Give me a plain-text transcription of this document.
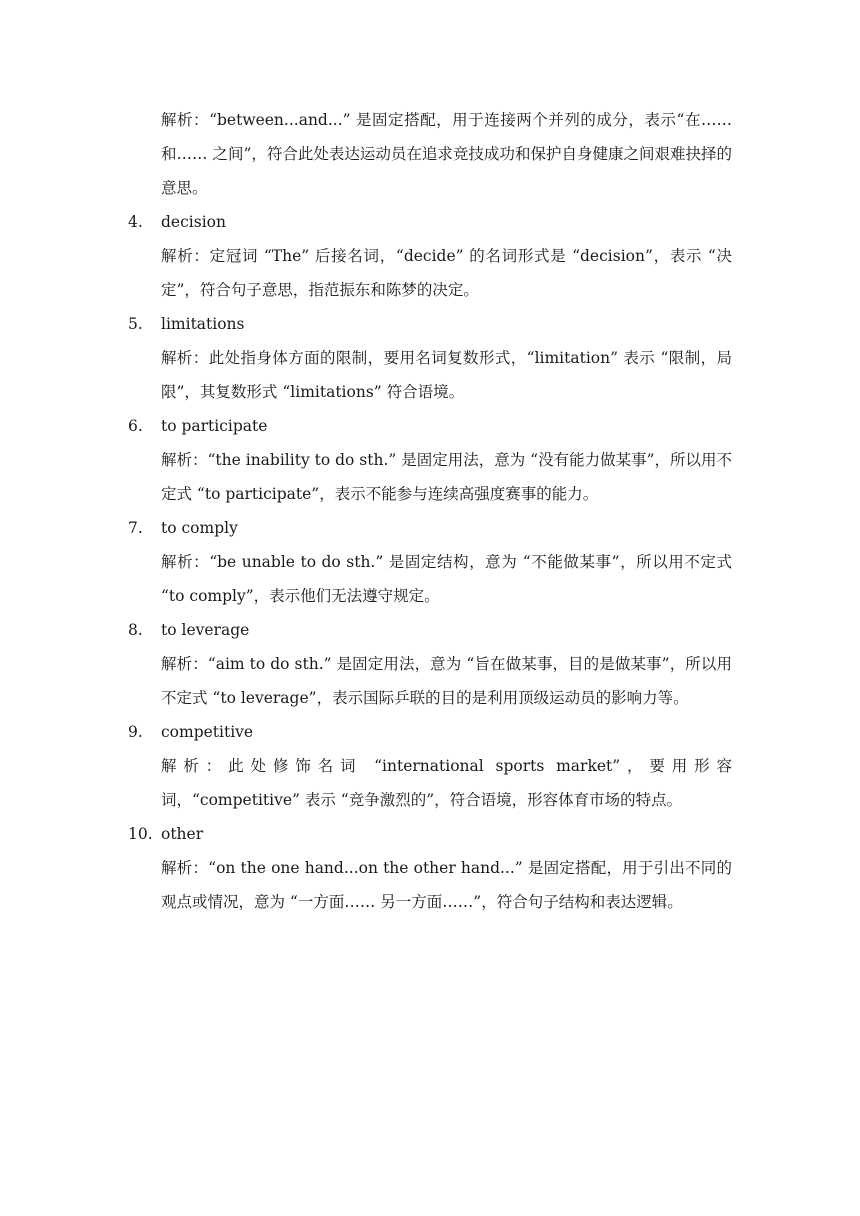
解析：“between...and...” 是固定搭配，用于连接两个并列的成分，表示“在…… 和…… 之间”，符合此处表达运动员在追求竞技成功和保护自身健康之间艰难抉择的意思。
4.	decision
解析：定冠词 “The” 后接名词，“decide” 的名词形式是 “decision”，表示 “决定”，符合句子意思，指范振东和陈梦的决定。
5.	limitations
解析：此处指身体方面的限制，要用名词复数形式，“limitation” 表示 “限制，局限”，其复数形式 “limitations” 符合语境。
6.	to participate
解析：“the inability to do sth.” 是固定用法，意为 “没有能力做某事”，所以用不定式 “to participate”，表示不能参与连续高强度赛事的能力。
7.	to comply
解析：“be unable to do sth.” 是固定结构，意为 “不能做某事”，所以用不定式 “to comply”，表示他们无法遵守规定。
8.	to leverage
解析：“aim to do sth.” 是固定用法，意为 “旨在做某事，目的是做某事”，所以用不定式 “to leverage”，表示国际乒联的目的是利用顶级运动员的影响力等。
9.	competitive
解析：此处修饰名词 “international sports market”，要用形容词，“competitive” 表示 “竞争激烈的”，符合语境，形容体育市场的特点。
10. other
解析：“on the one hand...on the other hand...” 是固定搭配，用于引出不同的观点或情况，意为 “一方面…… 另一方面……”，符合句子结构和表达逻辑。
